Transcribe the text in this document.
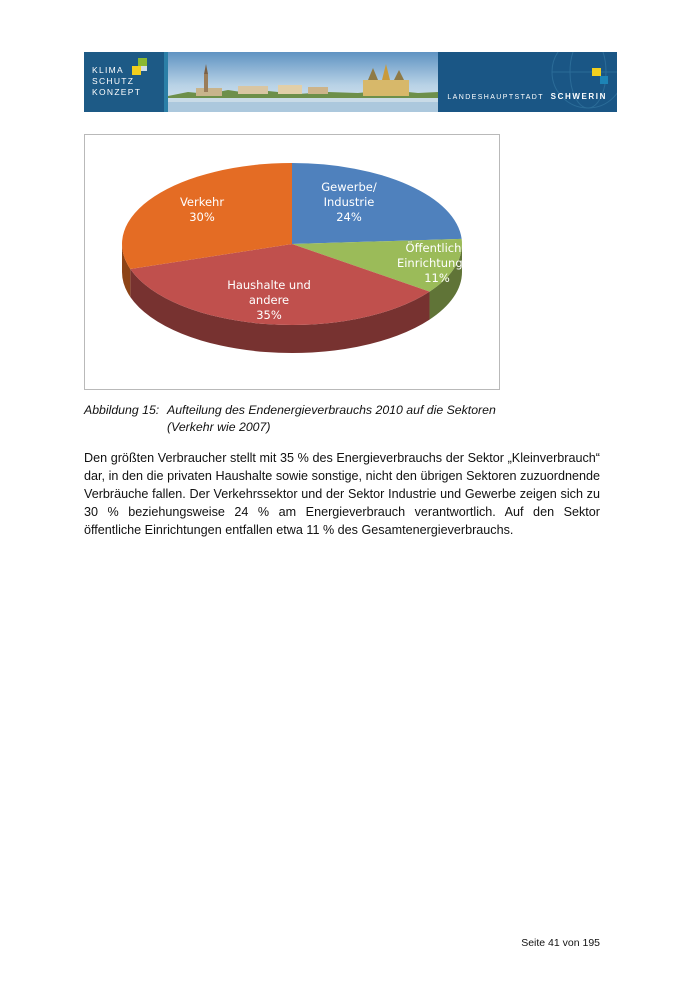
KLIMA
SCHUTZ
KONZEPT
LANDESHAUPTSTADT SCHWERIN
Gewerbe/ Industrie 24%
Öffentliche Einrichtungen 11%
Haushalte und andere 35%
Verkehr 30%
Abbildung 15: Aufteilung des Endenergieverbrauchs 2010 auf die Sektoren (Verkehr wie 2007)
Den größten Verbraucher stellt mit 35 % des Energieverbrauchs der Sektor „Kleinverbrauch“ dar, in den die privaten Haushalte sowie sonstige, nicht den übrigen Sektoren zuzuordnende Verbräuche fallen. Der Verkehrssektor und der Sektor Industrie und Gewerbe zeigen sich zu 30 % beziehungsweise 24 % am Energieverbrauch verantwortlich. Auf den Sektor öffentliche Einrichtungen entfallen etwa 11 % des Gesamtenergieverbrauchs.
Seite 41 von 195
